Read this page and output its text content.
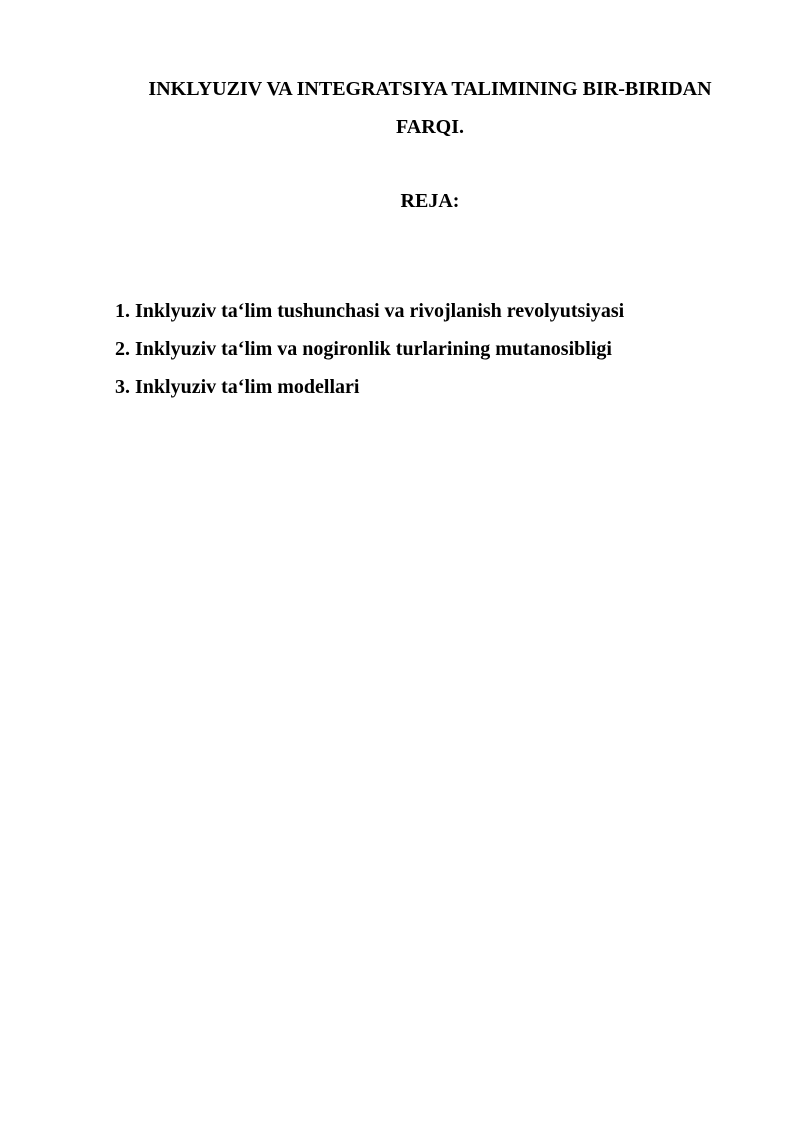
INKLYUZIV VA INTEGRATSIYA TALIMINING BIR-BIRIDAN

FARQI.

REJA:

1. Inklyuziv ta‘lim tushunchasi va rivojlanish revolyutsiyasi
2. Inklyuziv ta‘lim va nogironlik turlarining mutanosibligi
3. Inklyuziv ta‘lim modellari
